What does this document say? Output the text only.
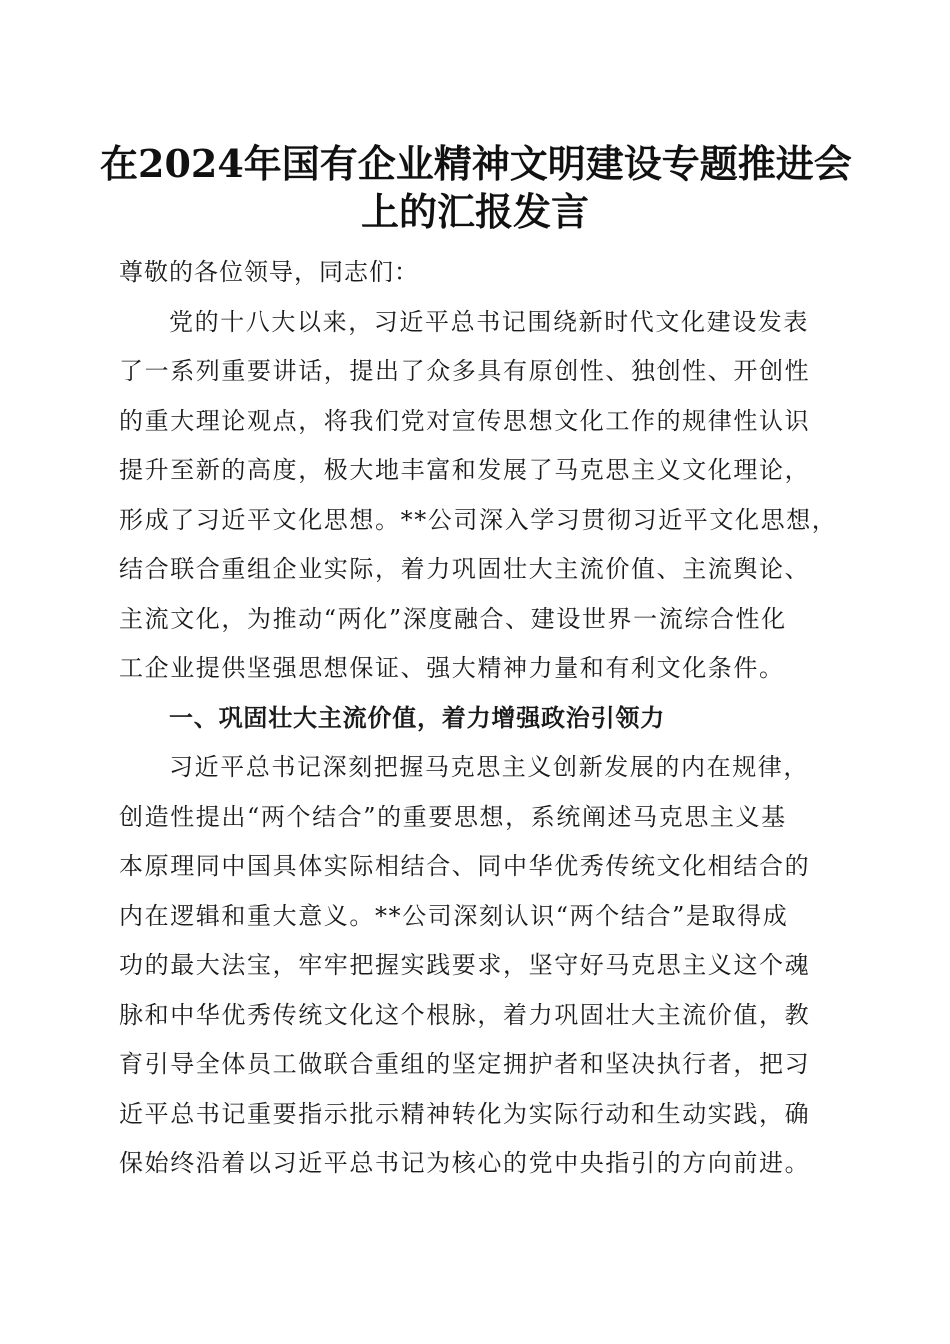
在2024年国有企业精神文明建设专题推进会
上的汇报发言
尊敬的各位领导，同志们：
党的十八大以来，习近平总书记围绕新时代文化建设发表
了一系列重要讲话，提出了众多具有原创性、独创性、开创性
的重大理论观点，将我们党对宣传思想文化工作的规律性认识
提升至新的高度，极大地丰富和发展了马克思主义文化理论，
形成了习近平文化思想。**公司深入学习贯彻习近平文化思想，
结合联合重组企业实际，着力巩固壮大主流价值、主流舆论、
主流文化，为推动“两化”深度融合、建设世界一流综合性化
工企业提供坚强思想保证、强大精神力量和有利文化条件。
一、巩固壮大主流价值，着力增强政治引领力
习近平总书记深刻把握马克思主义创新发展的内在规律，
创造性提出“两个结合”的重要思想，系统阐述马克思主义基
本原理同中国具体实际相结合、同中华优秀传统文化相结合的
内在逻辑和重大意义。**公司深刻认识“两个结合”是取得成
功的最大法宝，牢牢把握实践要求，坚守好马克思主义这个魂
脉和中华优秀传统文化这个根脉，着力巩固壮大主流价值，教
育引导全体员工做联合重组的坚定拥护者和坚决执行者，把习
近平总书记重要指示批示精神转化为实际行动和生动实践，确
保始终沿着以习近平总书记为核心的党中央指引的方向前进。
